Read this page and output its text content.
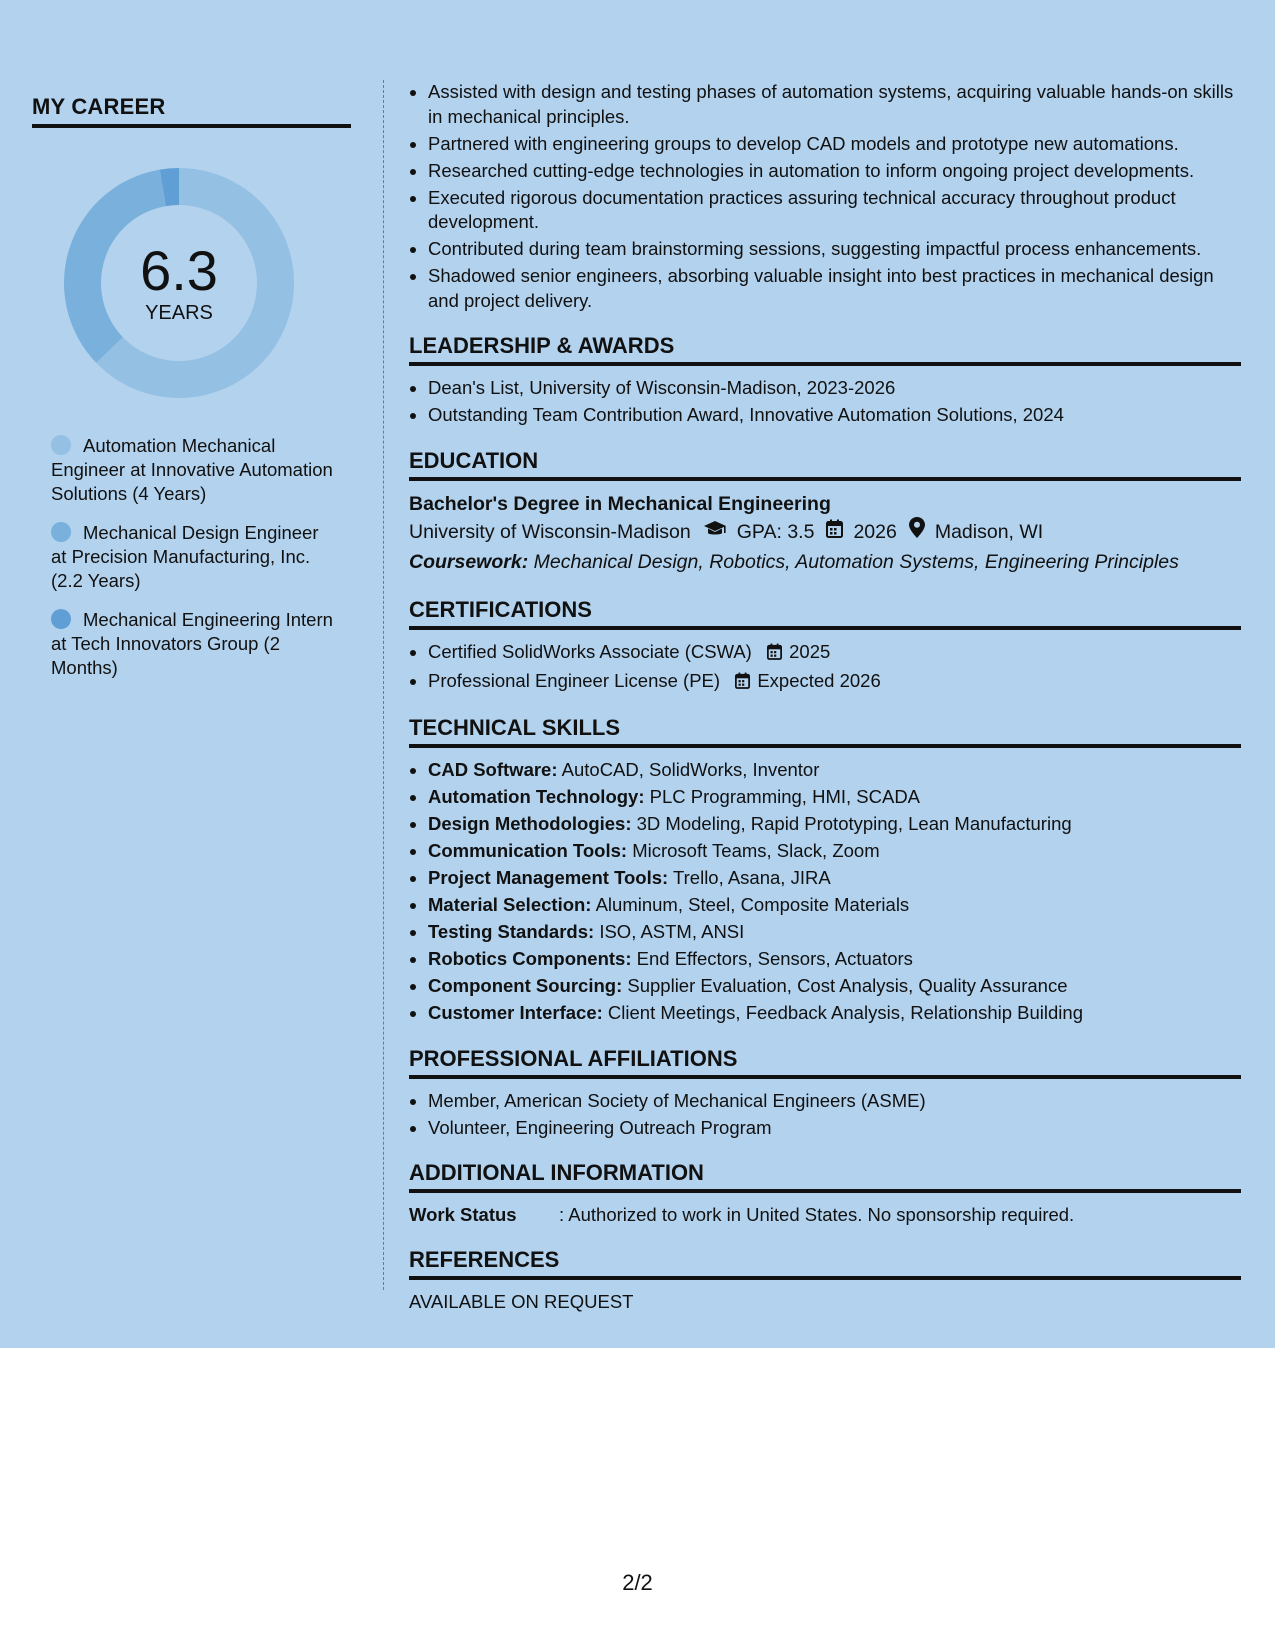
MY CAREER
6.3
YEARS
Automation Mechanical Engineer at Innovative Automation Solutions (4 Years)
Mechanical Design Engineer at Precision Manufacturing, Inc. (2.2 Years)
Mechanical Engineering Intern at Tech Innovators Group (2 Months)
• Assisted with design and testing phases of automation systems, acquiring valuable hands-on skills in mechanical principles.
• Partnered with engineering groups to develop CAD models and prototype new automations.
• Researched cutting-edge technologies in automation to inform ongoing project developments.
• Executed rigorous documentation practices assuring technical accuracy throughout product development.
• Contributed during team brainstorming sessions, suggesting impactful process enhancements.
• Shadowed senior engineers, absorbing valuable insight into best practices in mechanical design and project delivery.
LEADERSHIP & AWARDS
• Dean's List, University of Wisconsin-Madison, 2023-2026
• Outstanding Team Contribution Award, Innovative Automation Solutions, 2024
EDUCATION
Bachelor's Degree in Mechanical Engineering
University of Wisconsin-Madison GPA: 3.5 2026 Madison, WI
Coursework: Mechanical Design, Robotics, Automation Systems, Engineering Principles
CERTIFICATIONS
• Certified SolidWorks Associate (CSWA) 2025
• Professional Engineer License (PE) Expected 2026
TECHNICAL SKILLS
• CAD Software: AutoCAD, SolidWorks, Inventor
• Automation Technology: PLC Programming, HMI, SCADA
• Design Methodologies: 3D Modeling, Rapid Prototyping, Lean Manufacturing
• Communication Tools: Microsoft Teams, Slack, Zoom
• Project Management Tools: Trello, Asana, JIRA
• Material Selection: Aluminum, Steel, Composite Materials
• Testing Standards: ISO, ASTM, ANSI
• Robotics Components: End Effectors, Sensors, Actuators
• Component Sourcing: Supplier Evaluation, Cost Analysis, Quality Assurance
• Customer Interface: Client Meetings, Feedback Analysis, Relationship Building
PROFESSIONAL AFFILIATIONS
• Member, American Society of Mechanical Engineers (ASME)
• Volunteer, Engineering Outreach Program
ADDITIONAL INFORMATION
Work Status : Authorized to work in United States. No sponsorship required.
REFERENCES
AVAILABLE ON REQUEST
2/2
